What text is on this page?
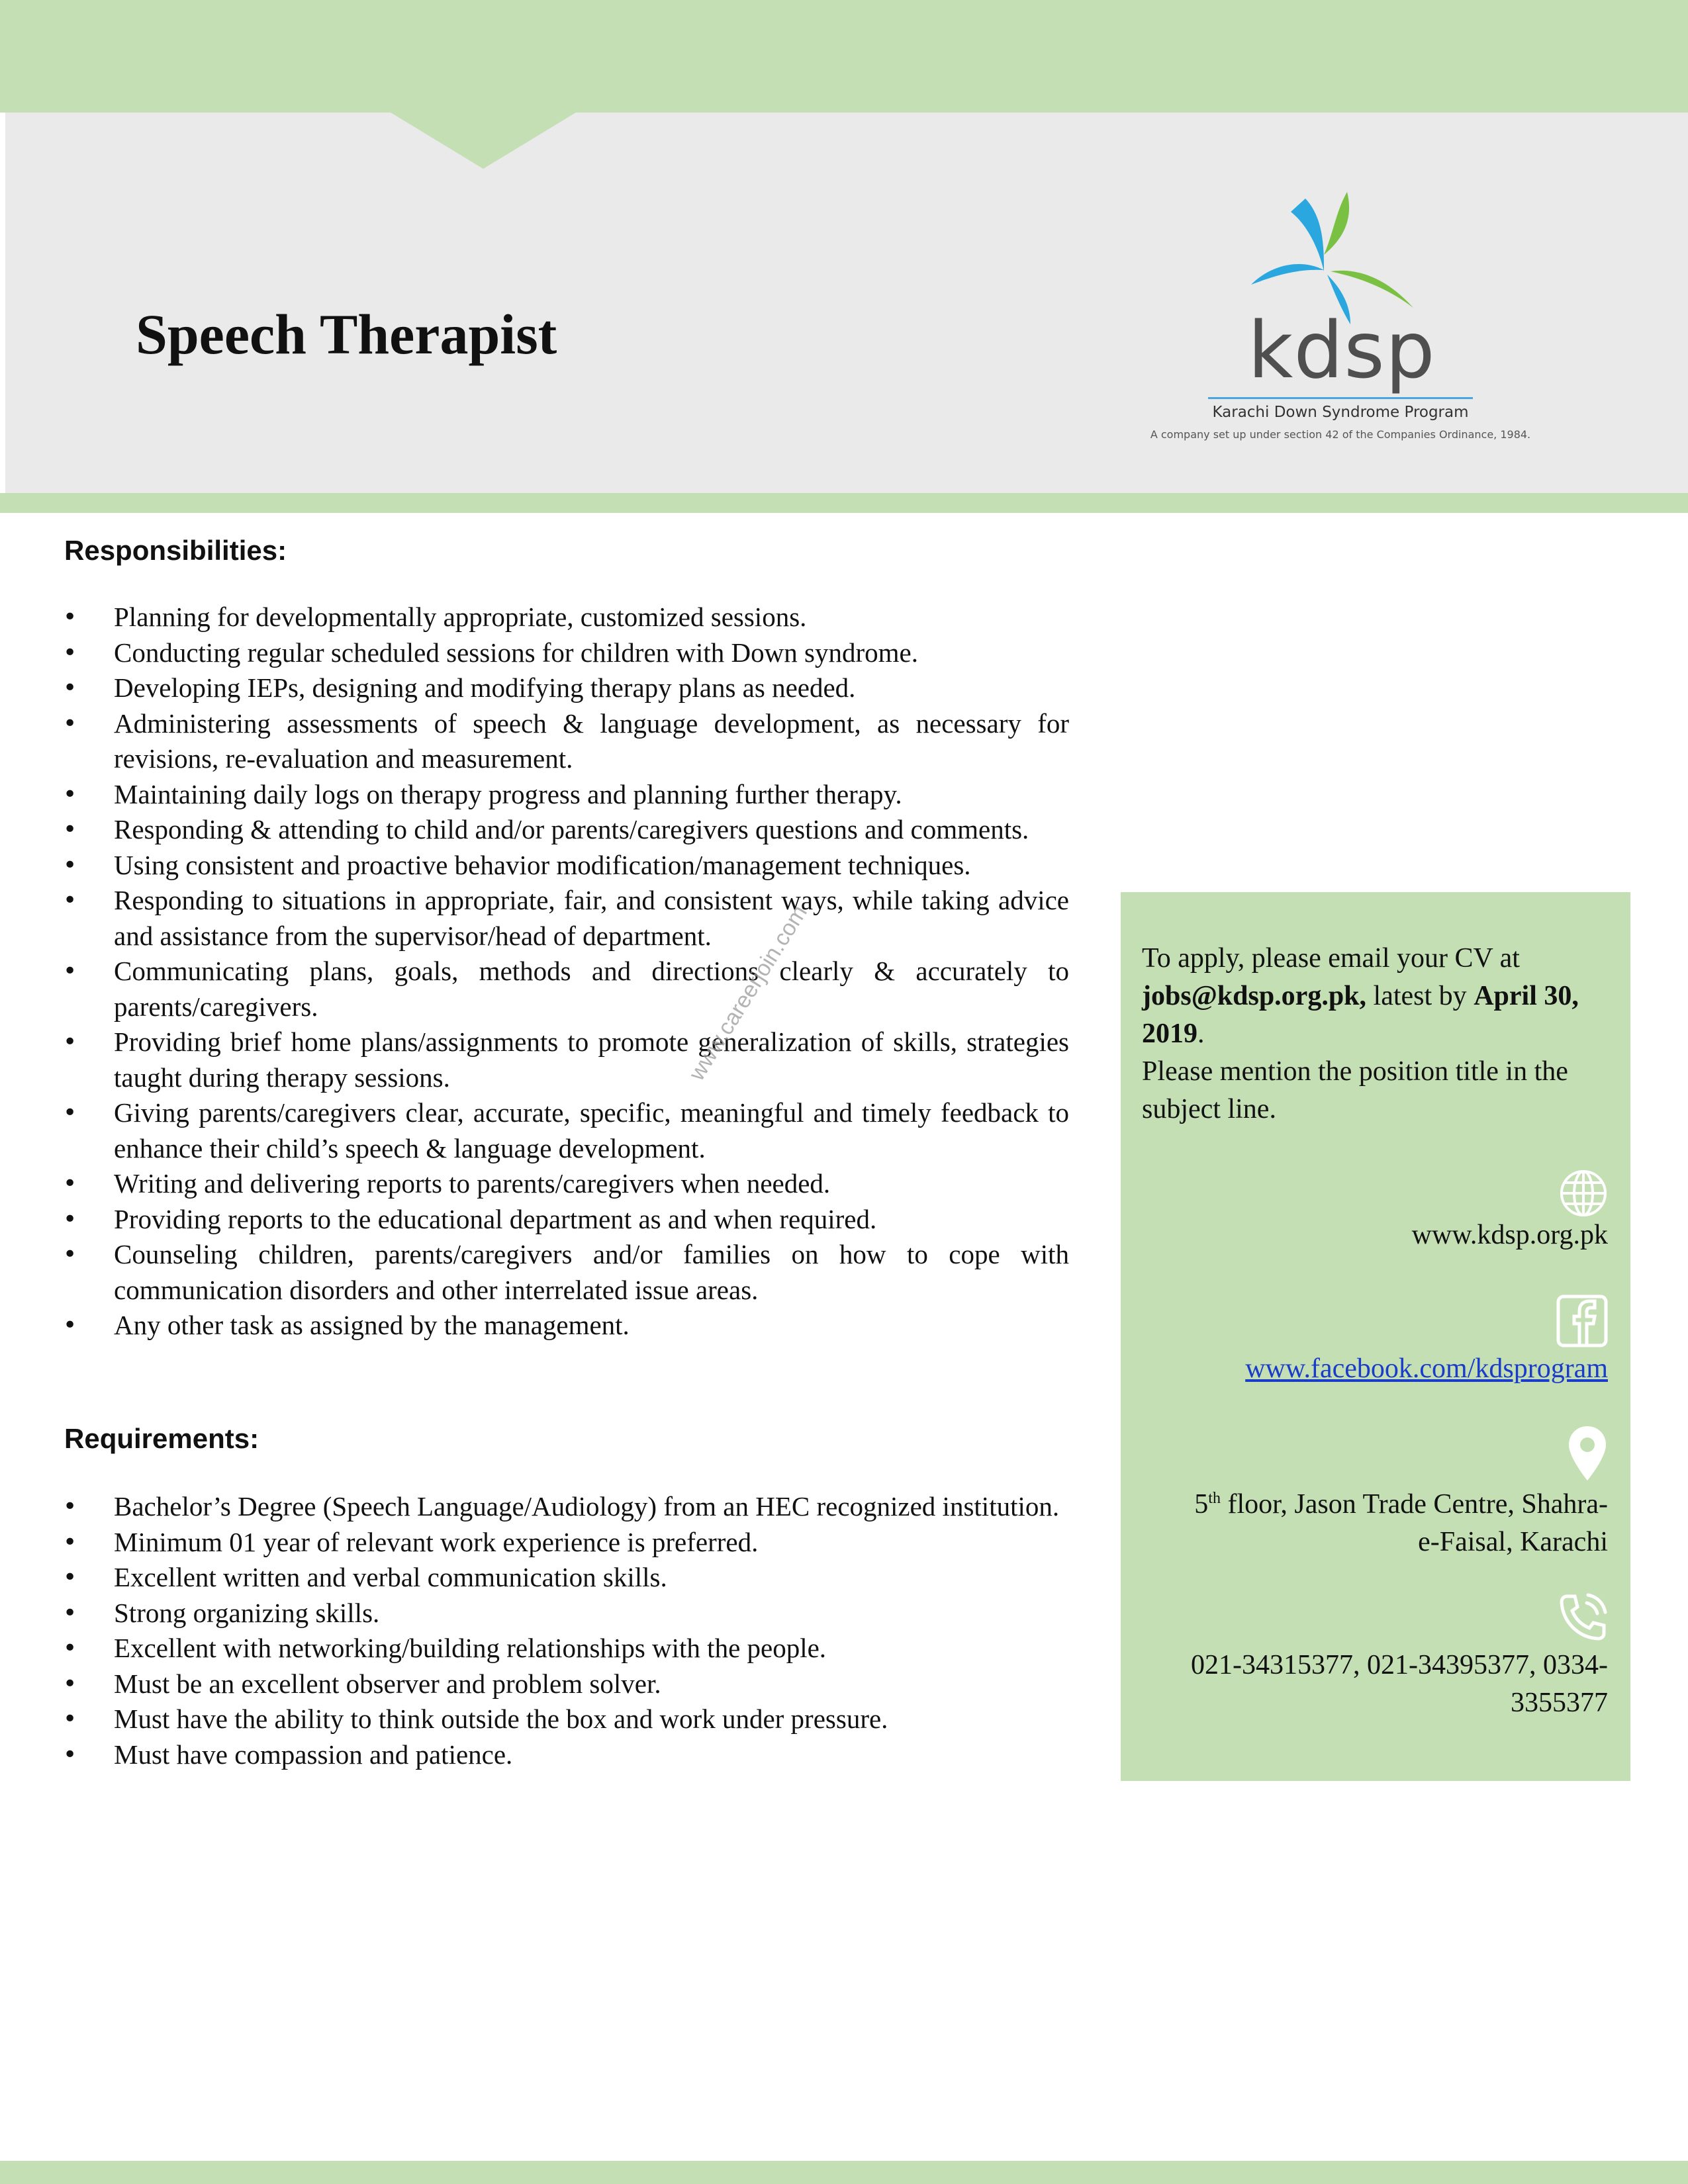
Speech Therapist	kdsp
Karachi Down Syndrome Program
A company set up under section 42 of the Companies Ordinance, 1984.
Responsibilities:
• Planning for developmentally appropriate, customized sessions.
• Conducting regular scheduled sessions for children with Down syndrome.
• Developing IEPs, designing and modifying therapy plans as needed.
• Administering assessments of speech & language development, as necessary for revisions, re-evaluation and measurement.
• Maintaining daily logs on therapy progress and planning further therapy.
• Responding & attending to child and/or parents/caregivers questions and comments.
• Using consistent and proactive behavior modification/management techniques.
• Responding to situations in appropriate, fair, and consistent ways, while taking advice and assistance from the supervisor/head of department.
• Communicating plans, goals, methods and directions clearly & accurately to parents/caregivers.
• Providing brief home plans/assignments to promote generalization of skills, strategies taught during therapy sessions.
• Giving parents/caregivers clear, accurate, specific, meaningful and timely feedback to enhance their child’s speech & language development.
• Writing and delivering reports to parents/caregivers when needed.
• Providing reports to the educational department as and when required.
• Counseling children, parents/caregivers and/or families on how to cope with communication disorders and other interrelated issue areas.
• Any other task as assigned by the management.
Requirements:
• Bachelor’s Degree (Speech Language/Audiology) from an HEC recognized institution.
• Minimum 01 year of relevant work experience is preferred.
• Excellent written and verbal communication skills.
• Strong organizing skills.
• Excellent with networking/building relationships with the people.
• Must be an excellent observer and problem solver.
• Must have the ability to think outside the box and work under pressure.
• Must have compassion and patience.
www.careerjoin.com	To apply, please email your CV at
jobs@kdsp.org.pk, latest by April 30, 2019.
Please mention the position title in the subject line.
www.kdsp.org.pk
www.facebook.com/kdsprogram
5th floor, Jason Trade Centre, Shahra-
e-Faisal, Karachi
021-34315377, 021-34395377, 0334-
3355377
